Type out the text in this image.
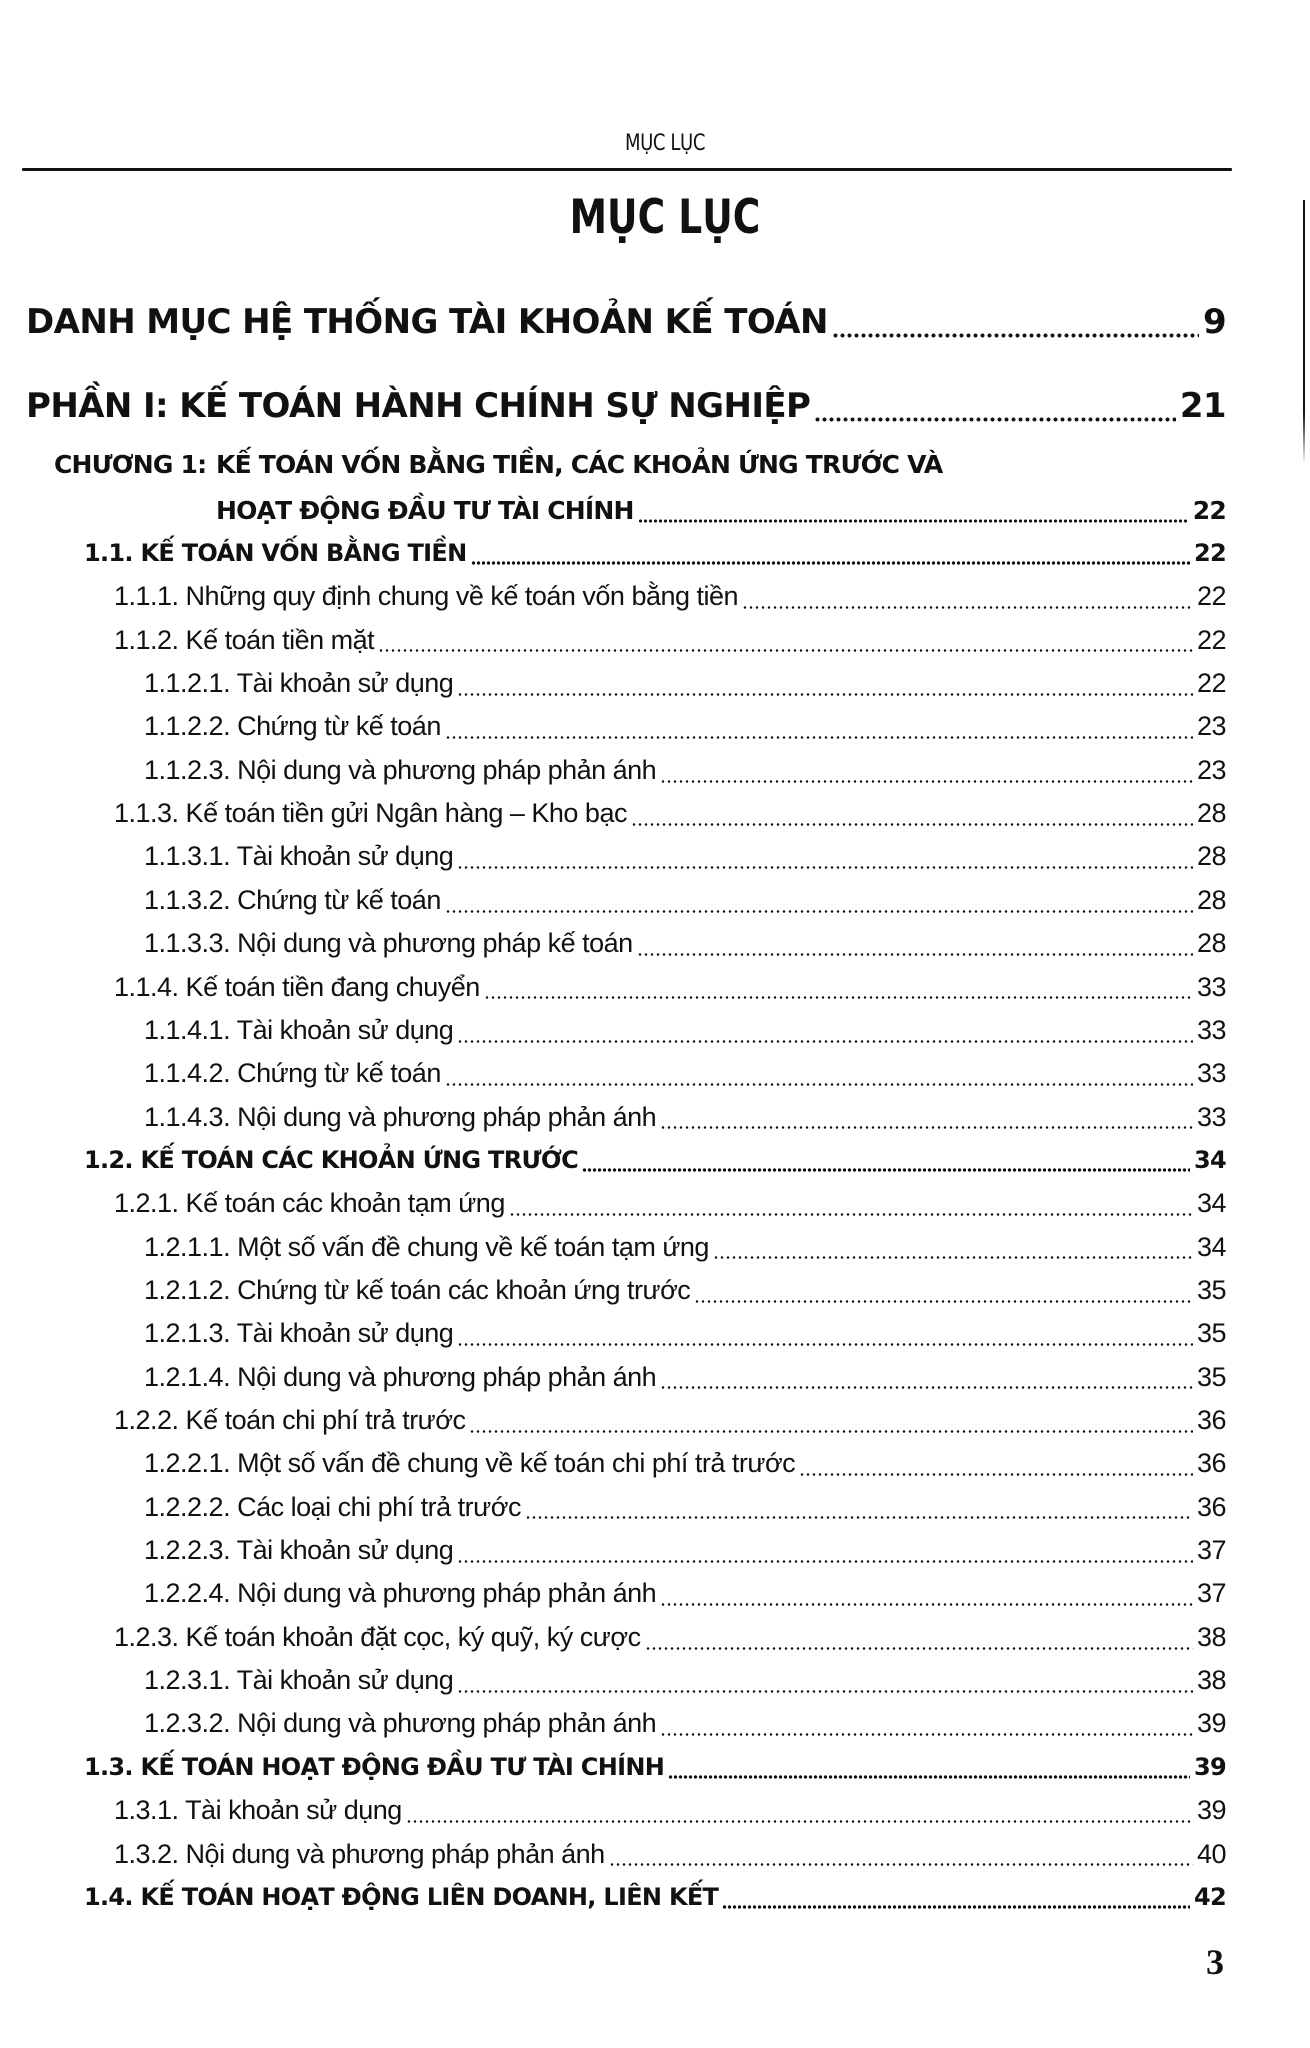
MỤC LỤC
MỤC LỤC
DANH MỤC HỆ THỐNG TÀI KHOẢN KẾ TOÁN	9
PHẦN I: KẾ TOÁN HÀNH CHÍNH SỰ NGHIỆP	21
CHƯƠNG 1: KẾ TOÁN VỐN BẰNG TIỀN, CÁC KHOẢN ỨNG TRƯỚC VÀ
HOẠT ĐỘNG ĐẦU TƯ TÀI CHÍNH	22
1.1. KẾ TOÁN VỐN BẰNG TIỀN	22
1.1.1. Những quy định chung về kế toán vốn bằng tiền	22
1.1.2. Kế toán tiền mặt	22
1.1.2.1. Tài khoản sử dụng	22
1.1.2.2. Chứng từ kế toán	23
1.1.2.3. Nội dung và phương pháp phản ánh	23
1.1.3. Kế toán tiền gửi Ngân hàng – Kho bạc	28
1.1.3.1. Tài khoản sử dụng	28
1.1.3.2. Chứng từ kế toán	28
1.1.3.3. Nội dung và phương pháp kế toán	28
1.1.4. Kế toán tiền đang chuyển	33
1.1.4.1. Tài khoản sử dụng	33
1.1.4.2. Chứng từ kế toán	33
1.1.4.3. Nội dung và phương pháp phản ánh	33
1.2. KẾ TOÁN CÁC KHOẢN ỨNG TRƯỚC	34
1.2.1. Kế toán các khoản tạm ứng	34
1.2.1.1. Một số vấn đề chung về kế toán tạm ứng	34
1.2.1.2. Chứng từ kế toán các khoản ứng trước	35
1.2.1.3. Tài khoản sử dụng	35
1.2.1.4. Nội dung và phương pháp phản ánh	35
1.2.2. Kế toán chi phí trả trước	36
1.2.2.1. Một số vấn đề chung về kế toán chi phí trả trước	36
1.2.2.2. Các loại chi phí trả trước	36
1.2.2.3. Tài khoản sử dụng	37
1.2.2.4. Nội dung và phương pháp phản ánh	37
1.2.3. Kế toán khoản đặt cọc, ký quỹ, ký cược	38
1.2.3.1. Tài khoản sử dụng	38
1.2.3.2. Nội dung và phương pháp phản ánh	39
1.3. KẾ TOÁN HOẠT ĐỘNG ĐẦU TƯ TÀI CHÍNH	39
1.3.1. Tài khoản sử dụng	39
1.3.2. Nội dung và phương pháp phản ánh	40
1.4. KẾ TOÁN HOẠT ĐỘNG LIÊN DOANH, LIÊN KẾT	42
3
